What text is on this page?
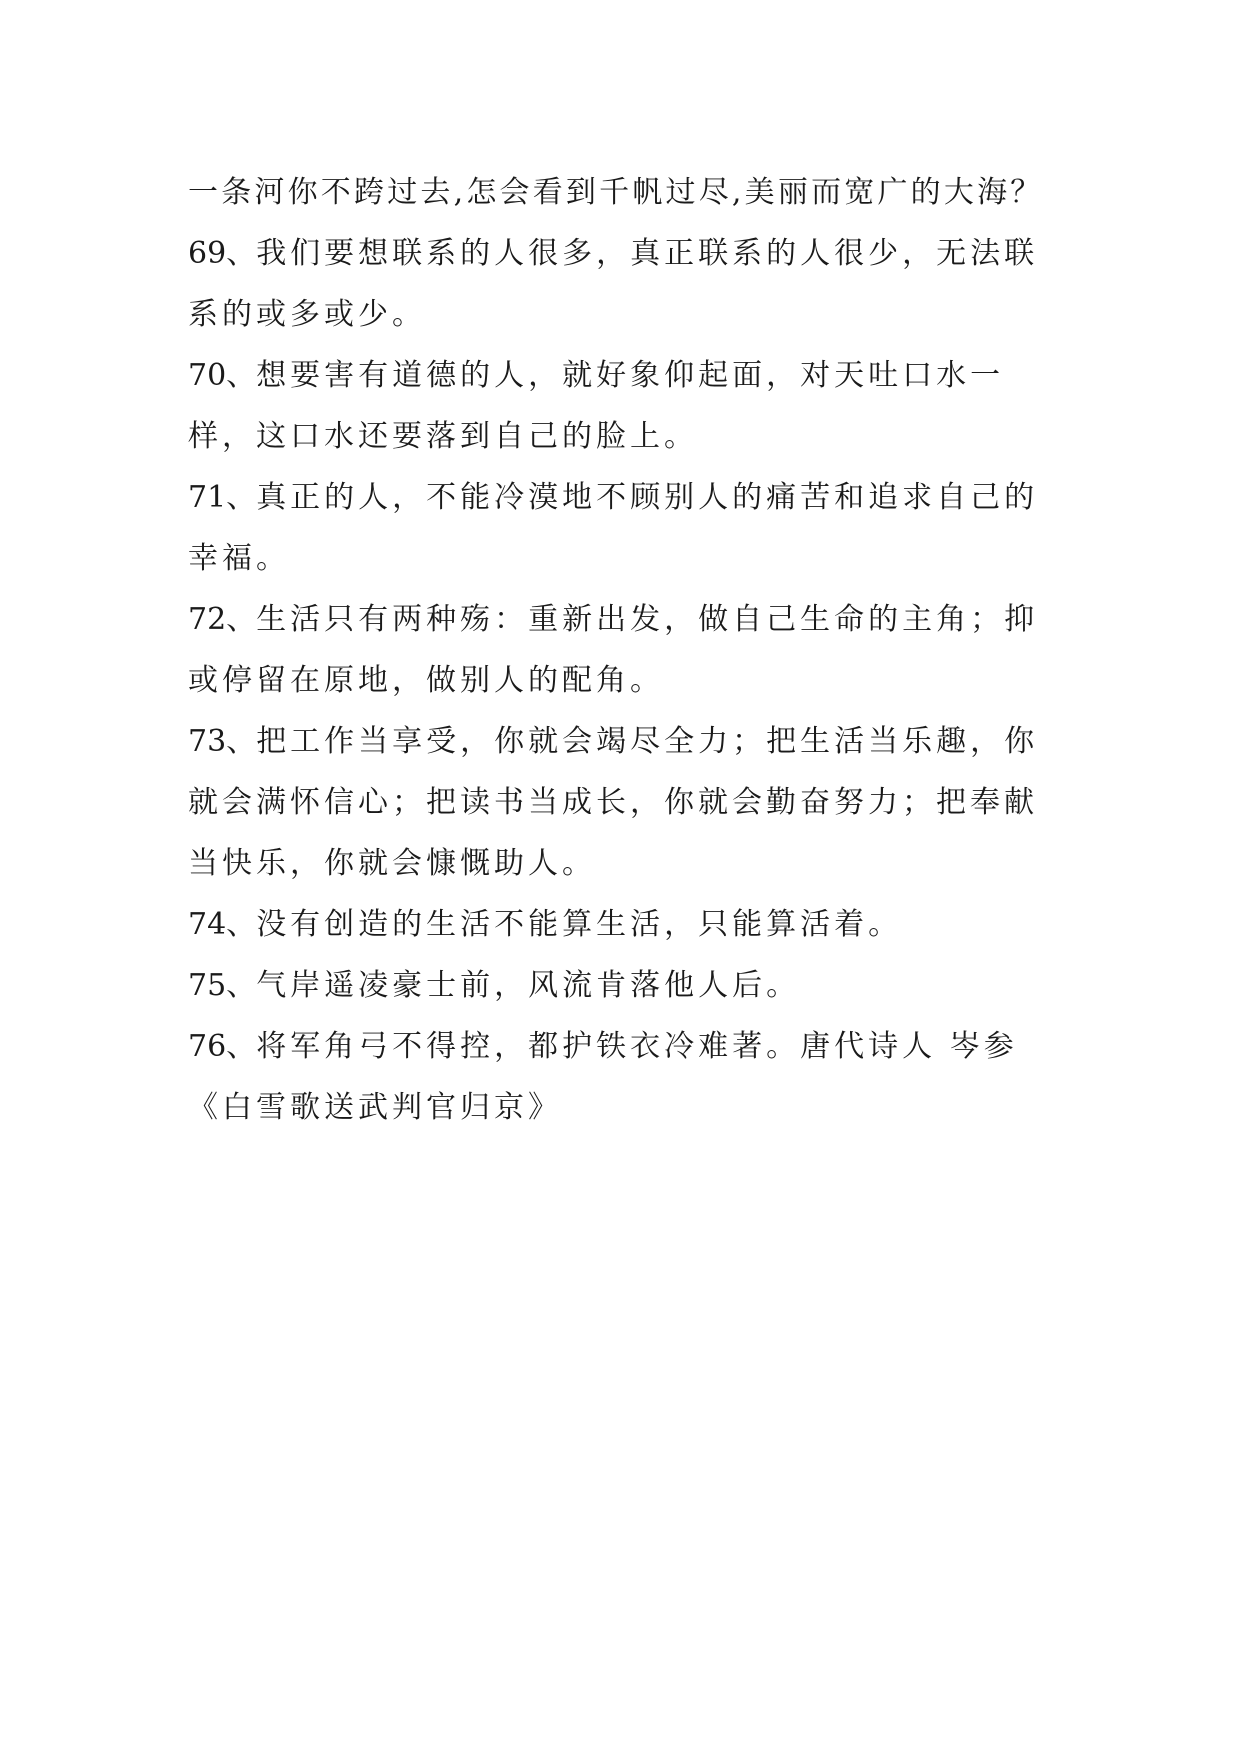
一条河你不跨过去,怎会看到千帆过尽,美丽而宽广的大海？

69、我们要想联系的人很多，真正联系的人很少，无法联系的或多或少。

70、想要害有道德的人，就好象仰起面，对天吐口水一样，这口水还要落到自己的脸上。

71、真正的人，不能冷漠地不顾别人的痛苦和追求自己的幸福。

72、生活只有两种殇：重新出发，做自己生命的主角；抑或停留在原地，做别人的配角。

73、把工作当享受，你就会竭尽全力；把生活当乐趣，你就会满怀信心；把读书当成长，你就会勤奋努力；把奉献当快乐，你就会慷慨助人。

74、没有创造的生活不能算生活，只能算活着。

75、气岸遥凌豪士前，风流肯落他人后。

76、将军角弓不得控，都护铁衣冷难著。唐代诗人 岑参《白雪歌送武判官归京》
